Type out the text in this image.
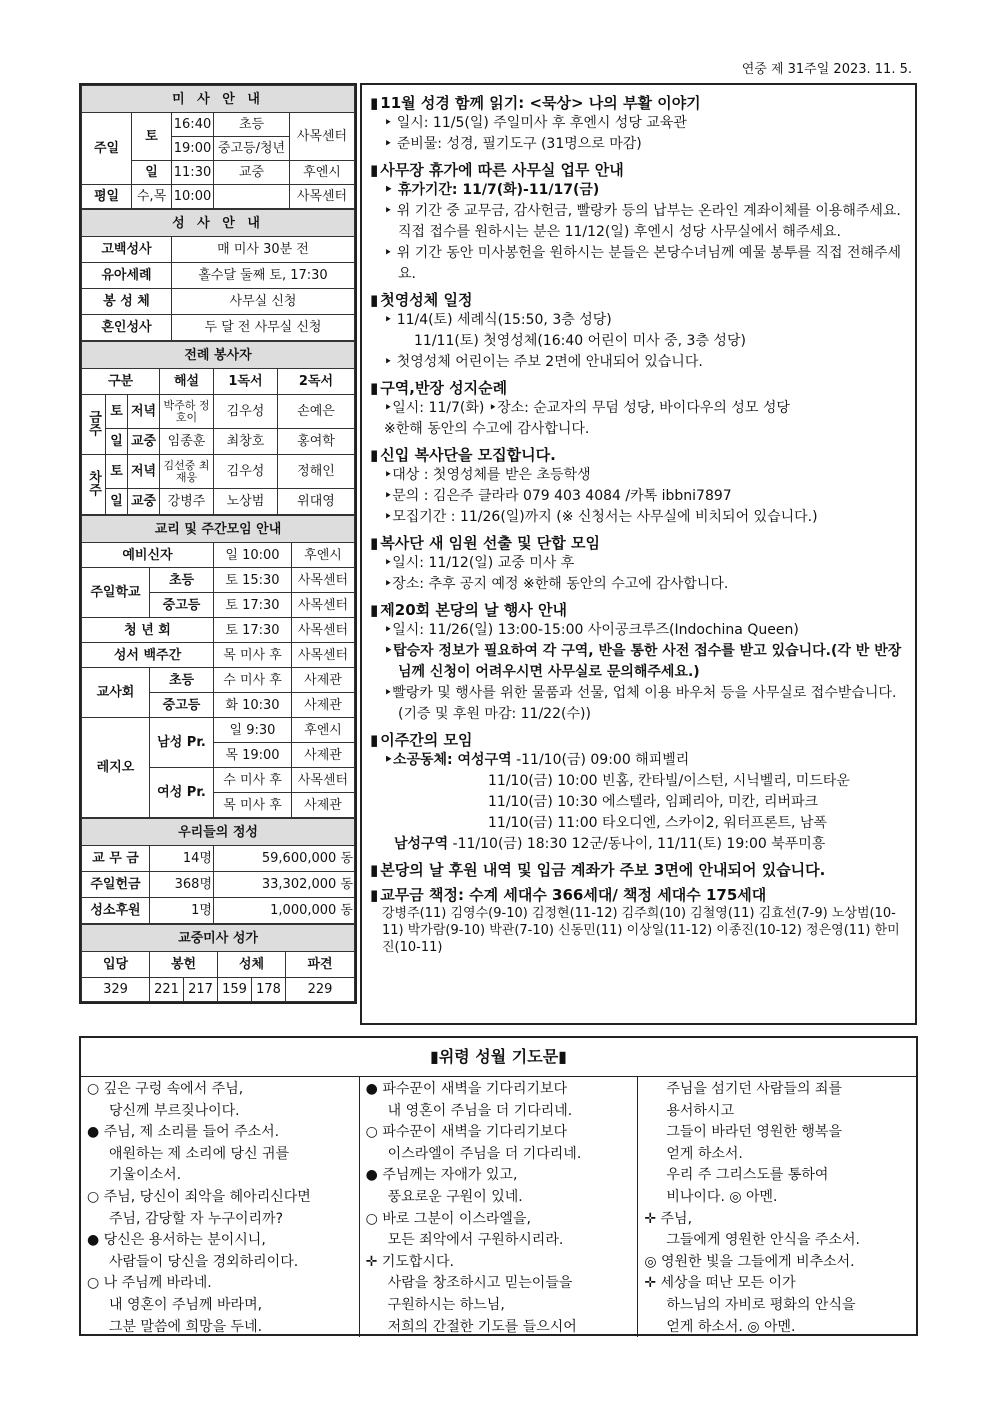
연중 제 31주일 2023. 11. 5.
미 사 안 내				
주일	토	16:40	초등	사목센터
		19:00	중고등/청년	
	일	11:30	교중	후엔시
평일	수,목	10:00		사목센터
성 사 안 내	
고백성사	매 미사 30분 전
유아세례	홀수달 둘째 토, 17:30
봉 성 체	사무실 신청
혼인성사	두 달 전 사무실 신청
전례 봉사자					
구분			해설	1독서	2독서
금주	토	저녁	박주하 정호이	김우성	손예은
	일	교중	임종훈	최창호	홍여학
차주	토	저녁	김선중 최재웅	김우성	정해인
	일	교중	강병주	노상범	위대영
교리 및 주간모임 안내			
예비신자		일 10:00	후엔시
주일학교	초등	토 15:30	사목센터
	중고등	토 17:30	사목센터
청 년 회		토 17:30	사목센터
성서 백주간		목 미사 후	사목센터
교사회	초등	수 미사 후	사제관
	중고등	화 10:30	사제관
레지오	남성 Pr.	일 9:30	후엔시
		목 19:00	사제관
	여성 Pr.	수 미사 후	사목센터
		목 미사 후	사제관
우리들의 정성		
교 무 금	14명	59,600,000 동
주일헌금	368명	33,302,000 동
성소후원	1명	1,000,000 동
교중미사 성가					
입당	봉헌		성체		파견
329	221	217	159	178	229
▮ 11월 성경 함께 읽기: <묵상> 나의 부활 이야기
‣ 일시: 11/5(일) 주일미사 후 후엔시 성당 교육관
‣ 준비물: 성경, 필기도구 (31명으로 마감)
▮ 사무장 휴가에 따른 사무실 업무 안내
‣ 휴가기간: 11/7(화)-11/17(금)
‣ 위 기간 중 교무금, 감사헌금, 빨랑카 등의 납부는 온라인 계좌이체를 이용해주세요. 직접 접수를 원하시는 분은 11/12(일) 후엔시 성당 사무실에서 해주세요.
‣ 위 기간 동안 미사봉헌을 원하시는 분들은 본당수녀님께 예물 봉투를 직접 전해주세요.
▮ 첫영성체 일정
‣ 11/4(토) 세례식(15:50, 3층 성당)
11/11(토) 첫영성체(16:40 어린이 미사 중, 3층 성당)
‣ 첫영성체 어린이는 주보 2면에 안내되어 있습니다.
▮ 구역,반장 성지순례
‣일시: 11/7(화) ‣장소: 순교자의 무덤 성당, 바이다우의 성모 성당
※한해 동안의 수고에 감사합니다.
▮ 신입 복사단을 모집합니다.
‣대상 : 첫영성체를 받은 초등학생
‣문의 : 김은주 클라라 079 403 4084 /카톡 ibbni7897
‣모집기간 : 11/26(일)까지 (※ 신청서는 사무실에 비치되어 있습니다.)
▮ 복사단 새 임원 선출 및 단합 모임
‣일시: 11/12(일) 교중 미사 후
‣장소: 추후 공지 예정 ※한해 동안의 수고에 감사합니다.
▮ 제20회 본당의 날 행사 안내
‣일시: 11/26(일) 13:00-15:00 사이공크루즈(Indochina Queen)
‣탑승자 정보가 필요하여 각 구역, 반을 통한 사전 접수를 받고 있습니다.(각 반 반장님께 신청이 어려우시면 사무실로 문의해주세요.)
‣빨랑카 및 행사를 위한 물품과 선물, 업체 이용 바우처 등을 사무실로 접수받습니다. (기증 및 후원 마감: 11/22(수))
▮ 이주간의 모임
‣소공동체: 여성구역 -11/10(금) 09:00 해피벨리
11/10(금) 10:00 빈홈, 칸타빌/이스턴, 시닉벨리, 미드타운
11/10(금) 10:30 에스텔라, 임페리아, 미칸, 리버파크
11/10(금) 11:00 타오디엔, 스카이2, 워터프론트, 남폭
남성구역 -11/10(금) 18:30 12군/동나이, 11/11(토) 19:00 북푸미흥
▮ 본당의 날 후원 내역 및 입금 계좌가 주보 3면에 안내되어 있습니다.
▮ 교무금 책정: 수계 세대수 366세대/ 책정 세대수 175세대
강병주(11) 김영수(9-10) 김정현(11-12) 김주희(10) 김철영(11) 김효선(7-9) 노상범(10-11) 박가람(9-10) 박관(7-10) 신동민(11) 이상일(11-12) 이종진(10-12) 정은영(11) 한미진(10-11)
▮위령 성월 기도문▮
○ 깊은 구렁 속에서 주님,
당신께 부르짖나이다.
● 주님, 제 소리를 들어 주소서.
애원하는 제 소리에 당신 귀를
기울이소서.
○ 주님, 당신이 죄악을 헤아리신다면
주님, 감당할 자 누구이리까?
● 당신은 용서하는 분이시니,
사람들이 당신을 경외하리이다.
○ 나 주님께 바라네.
내 영혼이 주님께 바라며,
그분 말씀에 희망을 두네.
● 파수꾼이 새벽을 기다리기보다
내 영혼이 주님을 더 기다리네.
○ 파수꾼이 새벽을 기다리기보다
이스라엘이 주님을 더 기다리네.
● 주님께는 자애가 있고,
풍요로운 구원이 있네.
○ 바로 그분이 이스라엘을,
모든 죄악에서 구원하시리라.
✛ 기도합시다.
사람을 창조하시고 믿는이들을
구원하시는 하느님,
저희의 간절한 기도를 들으시어
주님을 섬기던 사람들의 죄를
용서하시고
그들이 바라던 영원한 행복을
얻게 하소서.
우리 주 그리스도를 통하여
비나이다. ◎ 아멘.
✛ 주님,
그들에게 영원한 안식을 주소서.
◎ 영원한 빛을 그들에게 비추소서.
✛ 세상을 떠난 모든 이가
하느님의 자비로 평화의 안식을
얻게 하소서. ◎ 아멘.
